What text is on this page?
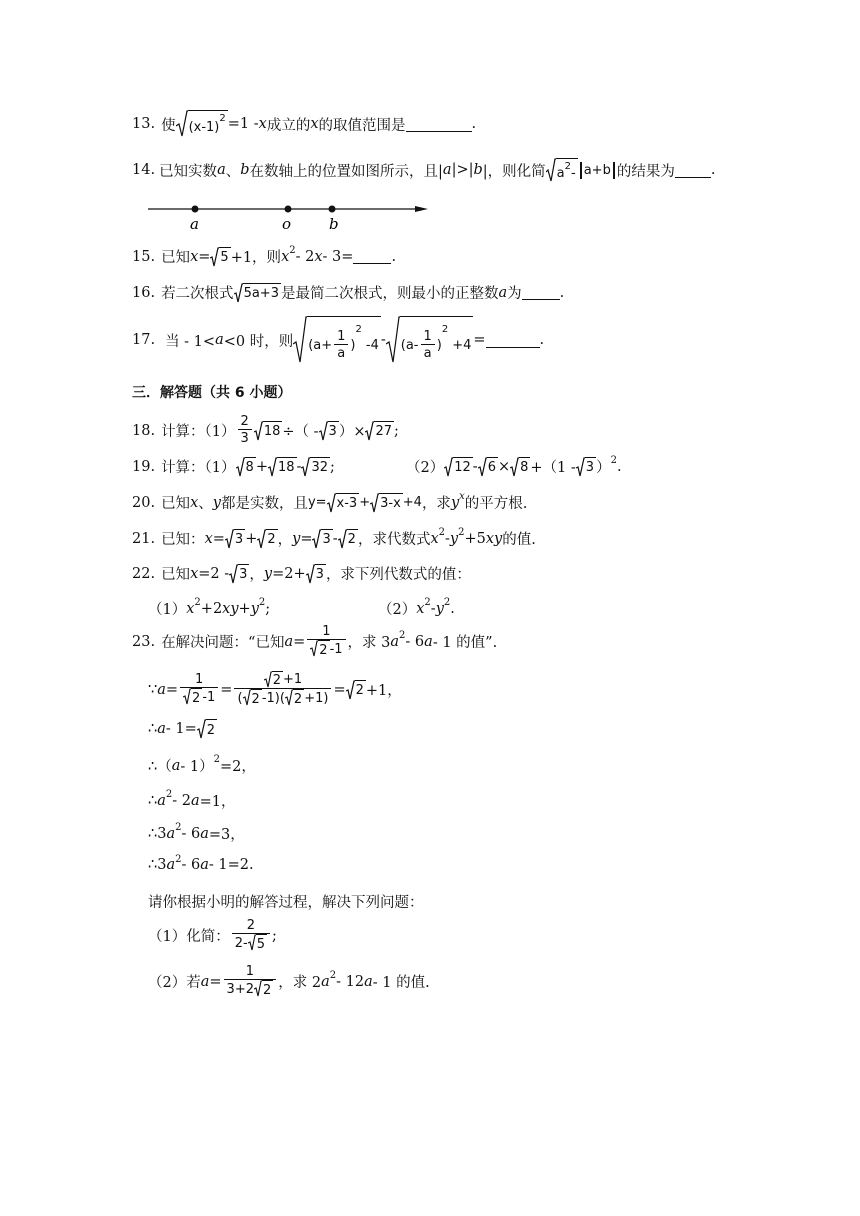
13. 使 (x-1)
2 =1 - x 成立的 x 的取值范围是	.
14. 已知实数 a 、 b 在数轴上的位置如图所示，且| a |>| b |，则化简 a 2 - a+b 的结果为 .
a	o	b
15. 已知 x = 5 +1，则 x 2 - 2 x - 3=	.
16. 若二次根式 5a+3 是最简二次根式，则最小的正整数 a 为	.
17. 当 - 1< a <0 时，则 ($a+ \frac{1}{a}$ )
2
$-4 - (a- \frac{1}{a}$ )
2
+4 =	.
三．解答题（共 6 小题）
18. 计算：$(1) \frac{2}{3} 18$ ÷（ - 3 ）× 27 ;
19. 计算：（1） 8 + 18 - 32 ;	（2） 12 - 6 × 8 +（1 - 3 ） 2 .
20. 已知 x 、 y 都是实数，且 y= x-3 + 3-x +4 ，求 y x 的平方根.
21. 已知： x = 3 + 2 ， y = 3 - 2 ，求代数式 x 2 - y 2 +5 xy 的值.
22. 已知 x =2 - 3 ， y =2+ 3 ，求下列代数式的值：
（1） x 2 +2 xy + y 2 ;	（2） x 2 - y 2 .
23. 在解决问题：“已知 $a = \frac{1}{2 -1}$ ，求 3 a 2 - 6 a - 1 的值”.
∵ $a = \frac{1}{2 -1} = \frac{2 +1}{( 2 -1)( 2 +1)} = 2 +1$，
∴ a - 1= 2
∴（ a - 1） 2 =2，
∴ a 2 - 2 a =1，
∴3 a 2 - 6 a =3，
∴3 a 2 - 6 a - 1=2.
请你根据小明的解答过程，解决下列问题：
（1）化简： $\frac{2}{2- 5}$ ;
（2）若 $a = \frac{1}{3+2 2}$ ，求 2 a 2 - 12 a - 1 的值.
